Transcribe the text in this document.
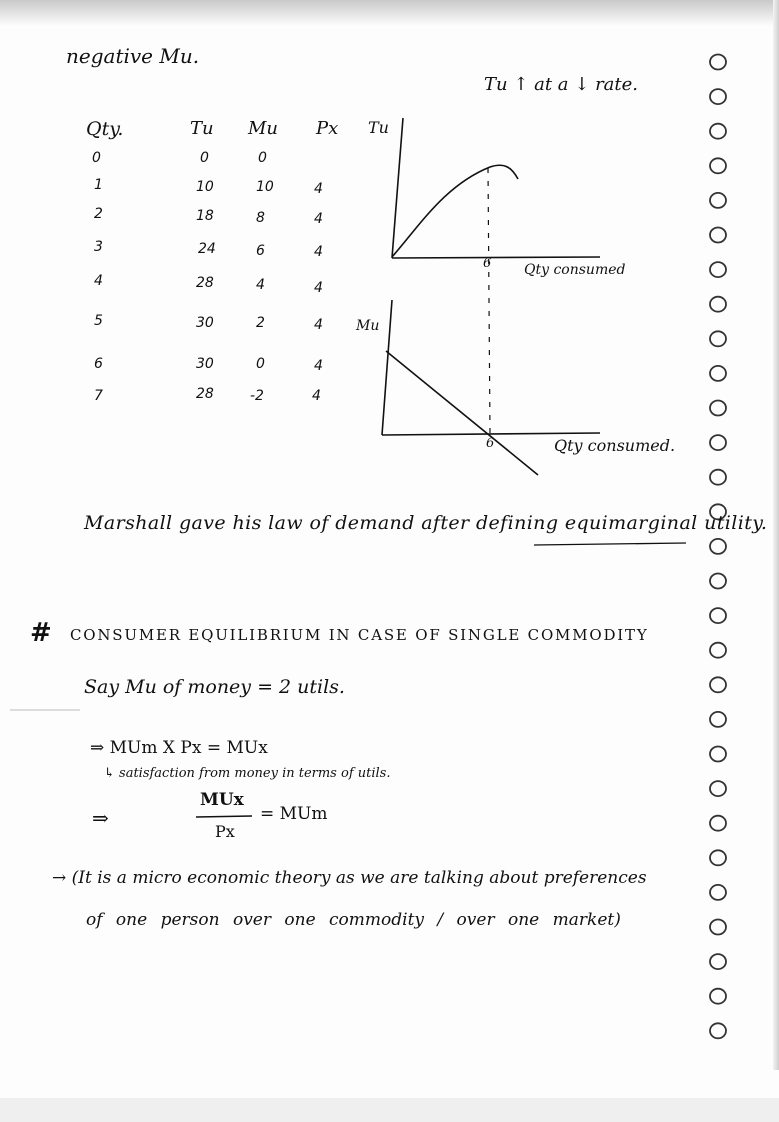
negative Mu.
Tu ↑ at a ↓ rate.
Qty.	Tu Mu Px
0	0	0
1	10	10	4
2	18	8	4
3	24	6	4
4	28	4	4
5	30	2	4
6	30	0	4
7	28	-2	4
Tu
6 Qty consumed
Mu
6	Qty consumed.
Marshall gave his law of demand after defining equimarginal utility.
# CONSUMER EQUILIBRIUM IN CASE OF SINGLE COMMODITY
Say Mu of money = 2 utils.
⇒ MUm X Px = MUx
↳ satisfaction from money in terms of utils.
⇒
MUx
Px
= MUm
→ (It is a micro economic theory as we are talking about preferences
of one person over one commodity / over one market)
